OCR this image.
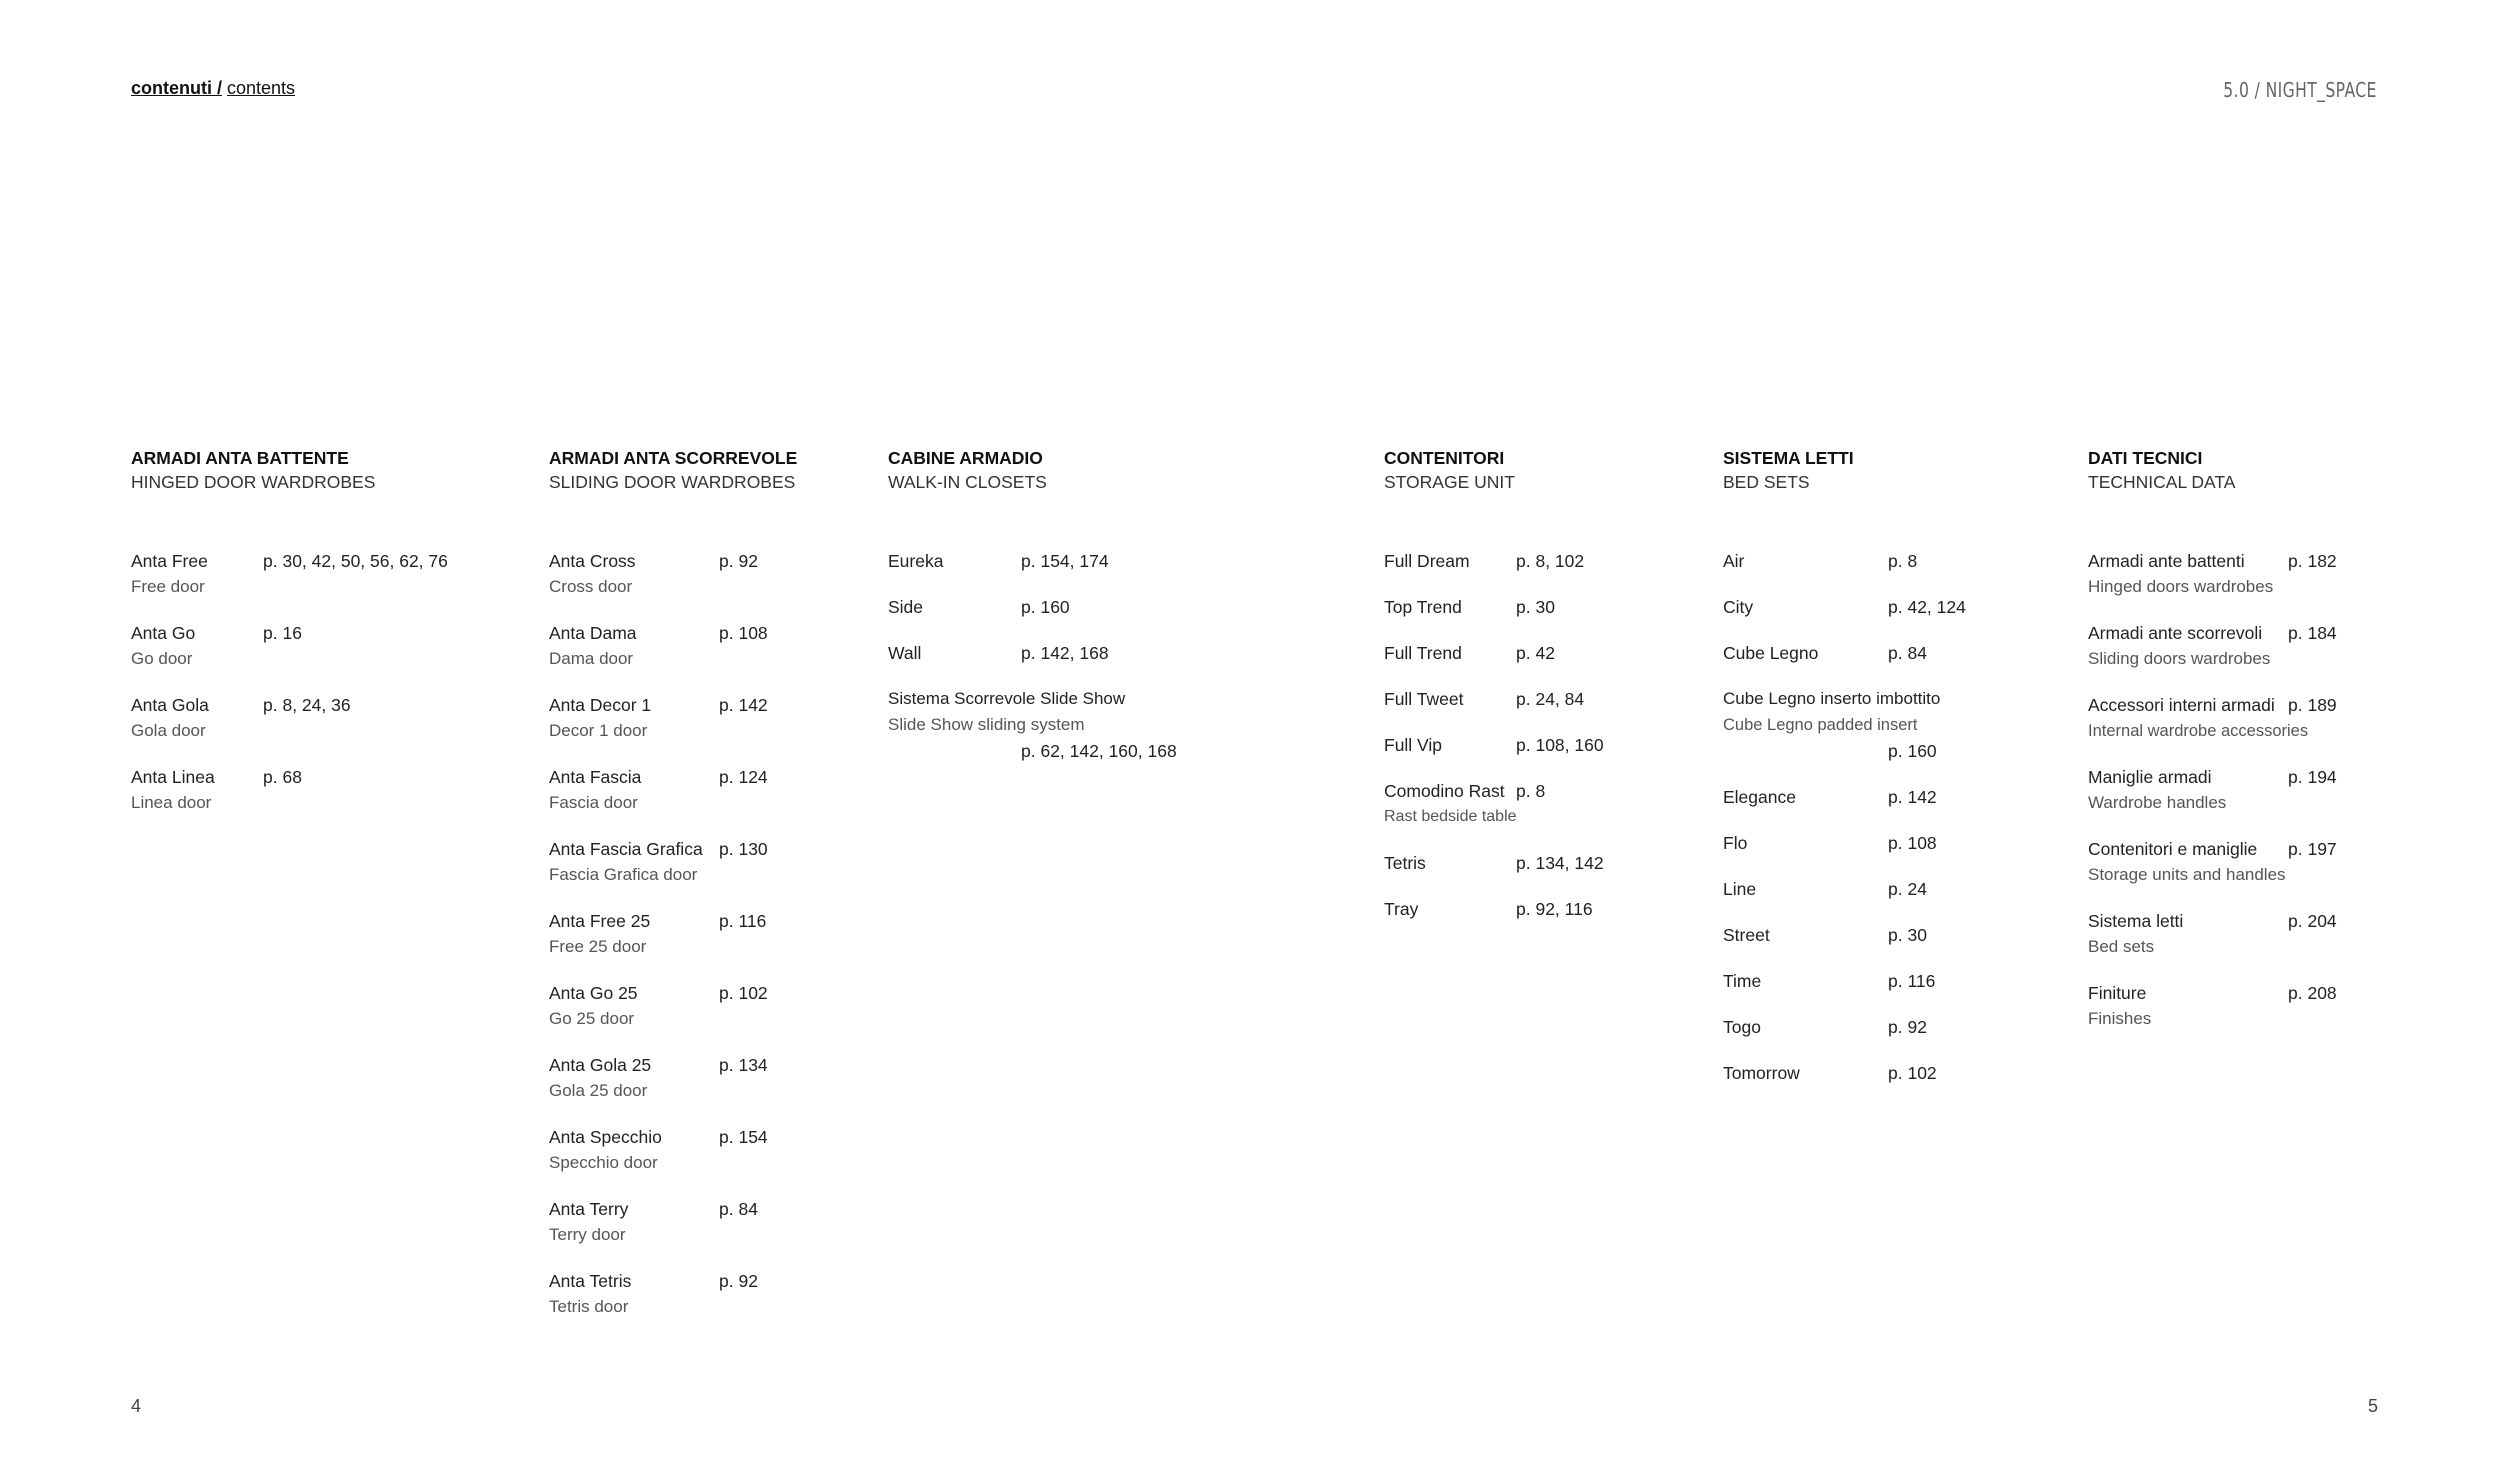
contenuti / contents	5.0 / NIGHT_SPACE
ARMADI ANTA BATTENTE
HINGED DOOR WARDROBES
Anta Free	p. 30, 42, 50, 56, 62, 76
Free door
Anta Go	p. 16
Go door
Anta Gola	p. 8, 24, 36
Gola door
Anta Linea	p. 68
Linea door
ARMADI ANTA SCORREVOLE
SLIDING DOOR WARDROBES
Anta Cross	p. 92
Cross door
Anta Dama	p. 108
Dama door
Anta Decor 1	p. 142
Decor 1 door
Anta Fascia	p. 124
Fascia door
Anta Fascia Grafica p. 130
Fascia Grafica door
Anta Free 25	p. 116
Free 25 door
Anta Go 25	p. 102
Go 25 door
Anta Gola 25	p. 134
Gola 25 door
Anta Specchio	p. 154
Specchio door
Anta Terry	p. 84
Terry door
Anta Tetris	p. 92
Tetris door
CABINE ARMADIO
WALK-IN CLOSETS
Eureka	p. 154, 174
Side	p. 160
Wall	p. 142, 168
Sistema Scorrevole Slide Show
Slide Show sliding system
p. 62, 142, 160, 168
CONTENITORI
STORAGE UNIT
Full Dream	p. 8, 102
Top Trend	p. 30
Full Trend	p. 42
Full Tweet	p. 24, 84
Full Vip	p. 108, 160
Comodino Rast p. 8
Rast bedside table
Tetris	p. 134, 142
Tray	p. 92, 116
SISTEMA LETTI
BED SETS
Air	p. 8
City	p. 42, 124
Cube Legno	p. 84
Cube Legno inserto imbottito
Cube Legno padded insert
p. 160
Elegance	p. 142
Flo	p. 108
Line	p. 24
Street	p. 30
Time	p. 116
Togo	p. 92
Tomorrow	p. 102
DATI TECNICI
TECHNICAL DATA
Armadi ante battenti	p. 182
Hinged doors wardrobes
Armadi ante scorrevoli	p. 184
Sliding doors wardrobes
Accessori interni armadi p. 189
Internal wardrobe accessories
Maniglie armadi	p. 194
Wardrobe handles
Contenitori e maniglie	p. 197
Storage units and handles
Sistema letti	p. 204
Bed sets
Finiture	p. 208
Finishes
4	5
